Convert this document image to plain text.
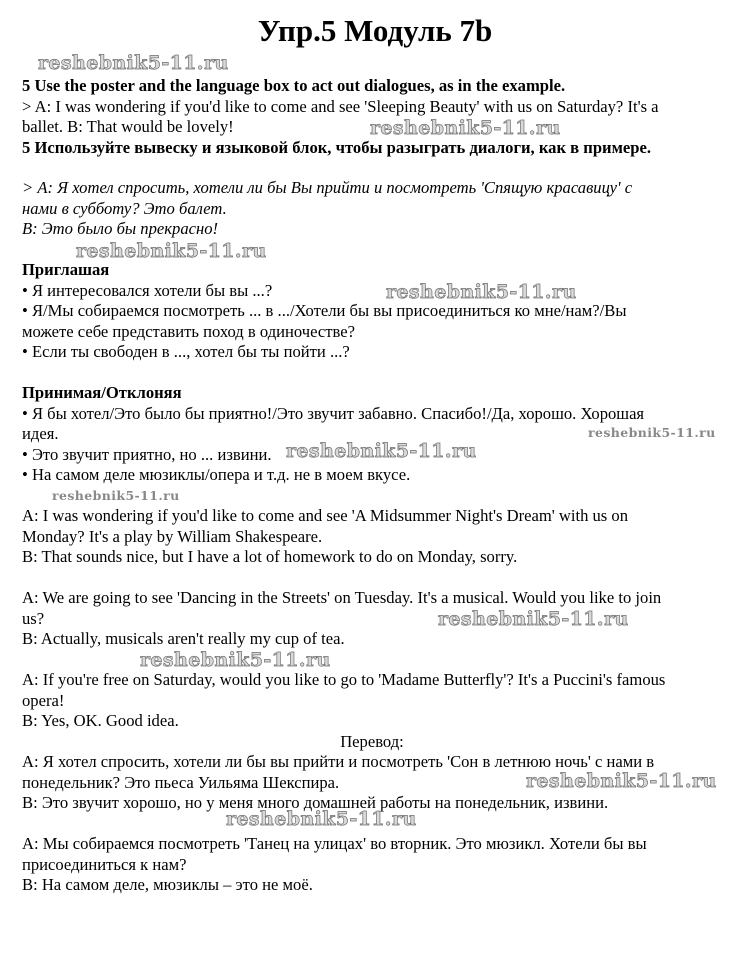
Упр.5 Модуль 7b
5 Use the poster and the language box to act out dialogues, as in the example.
> A: I was wondering if you'd like to come and see 'Sleeping Beauty' with us on Saturday? It's a
ballet. B: That would be lovely!
5 Используйте вывеску и языковой блок, чтобы разыграть диалоги, как в примере.
> А: Я хотел спросить, хотели ли бы Вы прийти и посмотреть 'Спящую красавицу' с
нами в субботу? Это балет.
В: Это было бы прекрасно!
Приглашая
• Я интересовался хотели бы вы ...?
• Я/Мы собираемся посмотреть ... в .../Хотели бы вы присоединиться ко мне/нам?/Вы
можете себе представить поход в одиночестве?
• Если ты свободен в ..., хотел бы ты пойти ...?
Принимая/Отклоняя
• Я бы хотел/Это было бы приятно!/Это звучит забавно. Спасибо!/Да, хорошо. Хорошая
идея.
• Это звучит приятно, но ... извини.
• На самом деле мюзиклы/опера и т.д. не в моем вкусе.
A: I was wondering if you'd like to come and see 'A Midsummer Night's Dream' with us on
Monday? It's a play by William Shakespeare.
B: That sounds nice, but I have a lot of homework to do on Monday, sorry.
A: We are going to see 'Dancing in the Streets' on Tuesday. It's a musical. Would you like to join
us?
B: Actually, musicals aren't really my cup of tea.
A: If you're free on Saturday, would you like to go to 'Madame Butterfly'? It's a Puccini's famous
opera!
B: Yes, OK. Good idea.
Перевод:
А: Я хотел спросить, хотели ли бы вы прийти и посмотреть 'Сон в летнюю ночь' с нами в
понедельник? Это пьеса Уильяма Шекспира.
В: Это звучит хорошо, но у меня много домашней работы на понедельник, извини.
А: Мы собираемся посмотреть 'Танец на улицах' во вторник. Это мюзикл. Хотели бы вы
присоединиться к нам?
В: На самом деле, мюзиклы – это не моё.
reshebnik5-11.ru
reshebnik5-11.ru
reshebnik5-11.ru
reshebnik5-11.ru
reshebnik5-11.ru
reshebnik5-11.ru
reshebnik5-11.ru
reshebnik5-11.ru
reshebnik5-11.ru
reshebnik5-11.ru
reshebnik5-11.ru
